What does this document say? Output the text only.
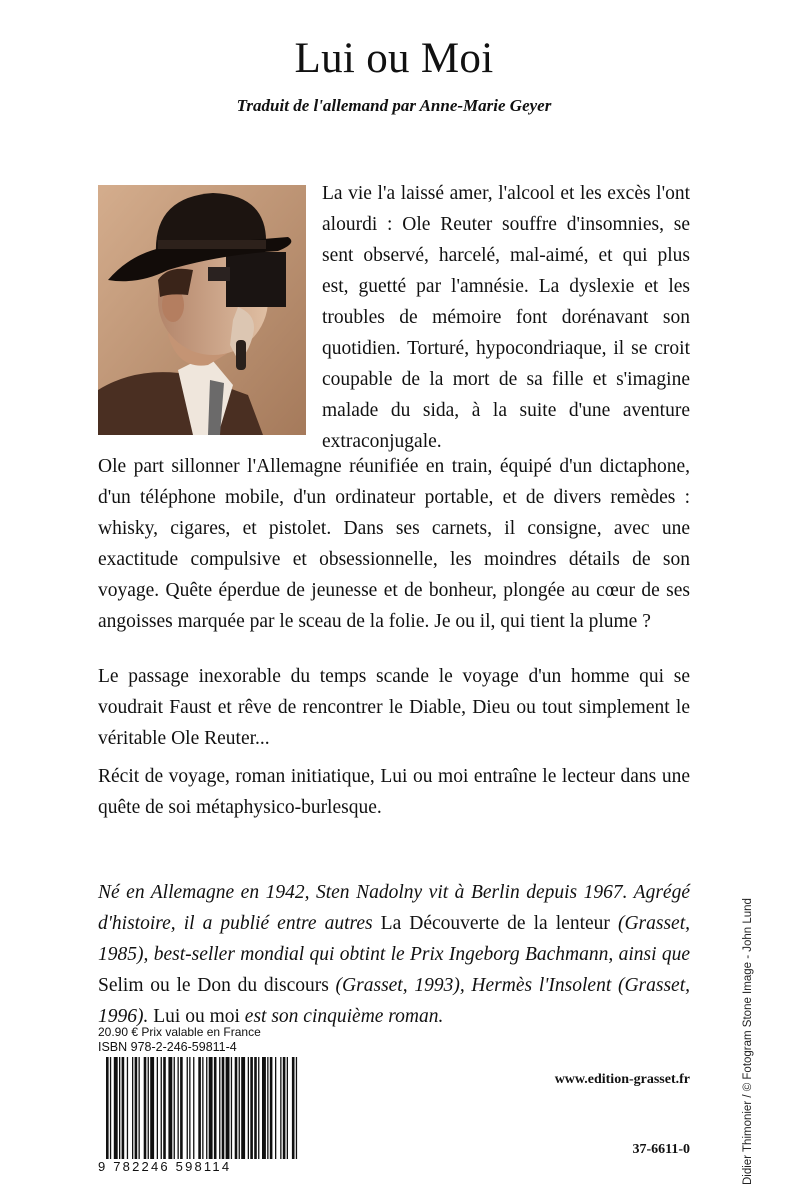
Lui ou Moi
Traduit de l'allemand par Anne-Marie Geyer

La vie l'a laissé amer, l'alcool et les excès l'ont alourdi : Ole Reuter souffre d'insomnies, se sent observé, harcelé, mal-aimé, et qui plus est, guetté par l'amnésie. La dyslexie et les troubles de mémoire font dorénavant son quotidien. Torturé, hypocondriaque, il se croit coupable de la mort de sa fille et s'imagine malade du sida, à la suite d'une aventure extraconjugale.

Ole part sillonner l'Allemagne réunifiée en train, équipé d'un dictaphone, d'un téléphone mobile, d'un ordinateur portable, et de divers remèdes : whisky, cigares, et pistolet. Dans ses carnets, il consigne, avec une exactitude compulsive et obsessionnelle, les moindres détails de son voyage. Quête éperdue de jeunesse et de bonheur, plongée au cœur de ses angoisses marquée par le sceau de la folie. Je ou il, qui tient la plume ?

Le passage inexorable du temps scande le voyage d'un homme qui se voudrait Faust et rêve de rencontrer le Diable, Dieu ou tout simplement le véritable Ole Reuter...

Récit de voyage, roman initiatique, Lui ou moi entraîne le lecteur dans une quête de soi métaphysico-burlesque.

Né en Allemagne en 1942, Sten Nadolny vit à Berlin depuis 1967. Agrégé d'histoire, il a publié entre autres La Découverte de la lenteur (Grasset, 1985), best-seller mondial qui obtint le Prix Ingeborg Bachmann, ainsi que Selim ou le Don du discours (Grasset, 1993), Hermès l'Insolent (Grasset, 1996). Lui ou moi est son cinquième roman.

20.90 € Prix valable en France
ISBN 978-2-246-59811-4
9 782246 598114
www.edition-grasset.fr
37-6611-0	Didier Thimonier / © Fotogram Stone Image - John Lund
